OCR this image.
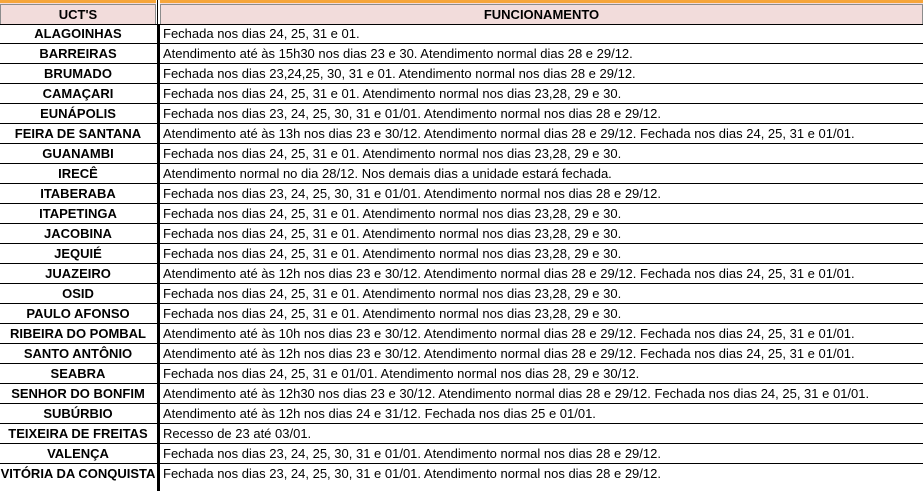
UCT'S	FUNCIONAMENTO
ALAGOINHAS	Fechada nos dias 24, 25, 31 e 01.
BARREIRAS	Atendimento até às 15h30 nos dias 23 e 30. Atendimento normal dias 28 e 29/12.
BRUMADO	Fechada nos dias 23,24,25, 30, 31 e 01. Atendimento normal nos dias 28 e 29/12.
CAMAÇARI	Fechada nos dias 24, 25, 31 e 01. Atendimento normal nos dias 23,28, 29 e 30.
EUNÁPOLIS	Fechada nos dias 23, 24, 25, 30, 31 e 01/01. Atendimento normal nos dias 28 e 29/12.
FEIRA DE SANTANA	Atendimento até às 13h nos dias 23 e 30/12. Atendimento normal dias 28 e 29/12. Fechada nos dias 24, 25, 31 e 01/01.
GUANAMBI	Fechada nos dias 24, 25, 31 e 01. Atendimento normal nos dias 23,28, 29 e 30.
IRECÊ	Atendimento normal no dia 28/12. Nos demais dias a unidade estará fechada.
ITABERABA	Fechada nos dias 23, 24, 25, 30, 31 e 01/01. Atendimento normal nos dias 28 e 29/12.
ITAPETINGA	Fechada nos dias 24, 25, 31 e 01. Atendimento normal nos dias 23,28, 29 e 30.
JACOBINA	Fechada nos dias 24, 25, 31 e 01. Atendimento normal nos dias 23,28, 29 e 30.
JEQUIÉ	Fechada nos dias 24, 25, 31 e 01. Atendimento normal nos dias 23,28, 29 e 30.
JUAZEIRO	Atendimento até às 12h nos dias 23 e 30/12. Atendimento normal dias 28 e 29/12. Fechada nos dias 24, 25, 31 e 01/01.
OSID	Fechada nos dias 24, 25, 31 e 01. Atendimento normal nos dias 23,28, 29 e 30.
PAULO AFONSO	Fechada nos dias 24, 25, 31 e 01. Atendimento normal nos dias 23,28, 29 e 30.
RIBEIRA DO POMBAL	Atendimento até às 10h nos dias 23 e 30/12. Atendimento normal dias 28 e 29/12. Fechada nos dias 24, 25, 31 e 01/01.
SANTO ANTÔNIO	Atendimento até às 12h nos dias 23 e 30/12. Atendimento normal dias 28 e 29/12. Fechada nos dias 24, 25, 31 e 01/01.
SEABRA	Fechada nos dias 24, 25, 31 e 01/01. Atendimento normal nos dias 28, 29 e 30/12.
SENHOR DO BONFIM	Atendimento até às 12h30 nos dias 23 e 30/12. Atendimento normal dias 28 e 29/12. Fechada nos dias 24, 25, 31 e 01/01.
SUBÚRBIO	Atendimento até às 12h nos dias 24 e 31/12. Fechada nos dias 25 e 01/01.
TEIXEIRA DE FREITAS	Recesso de 23 até 03/01.
VALENÇA	Fechada nos dias 23, 24, 25, 30, 31 e 01/01. Atendimento normal nos dias 28 e 29/12.
VITÓRIA DA CONQUISTA Fechada nos dias 23, 24, 25, 30, 31 e 01/01. Atendimento normal nos dias 28 e 29/12.
